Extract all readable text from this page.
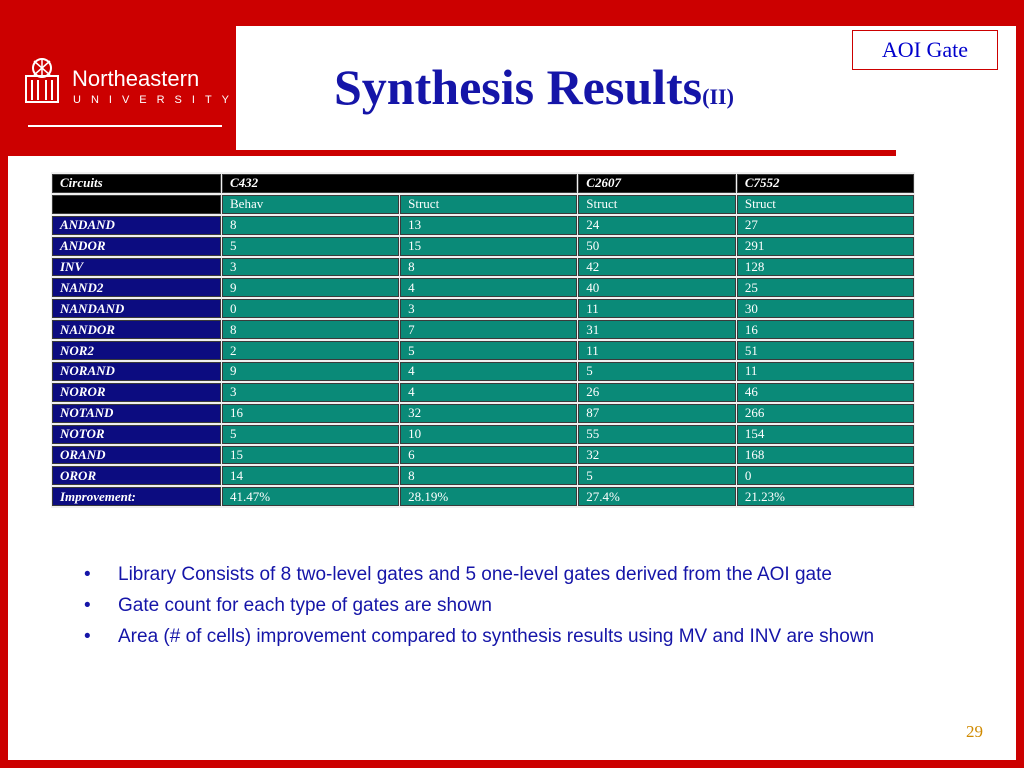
Northeastern
UNIVERSITY Synthesis Results(II)
AOI Gate
Circuits	C432		C2607	C7552
	Behav	Struct	Struct	Struct
ANDAND	8	13	24	27
ANDOR	5	15	50	291
INV	3	8	42	128
NAND2	9	4	40	25
NANDAND	0	3	11	30
NANDOR	8	7	31	16
NOR2	2	5	11	51
NORAND	9	4	5	11
NOROR	3	4	26	46
NOTAND	16	32	87	266
NOTOR	5	10	55	154
ORAND	15	6	32	168
OROR	14	8	5	0
Improvement:	41.47%	28.19%	27.4%	21.23%
• Library Consists of 8 two-level gates and 5 one-level gates derived from the AOI gate
• Gate count for each type of gates are shown
• Area (# of cells) improvement compared to synthesis results using MV and INV are shown
29
